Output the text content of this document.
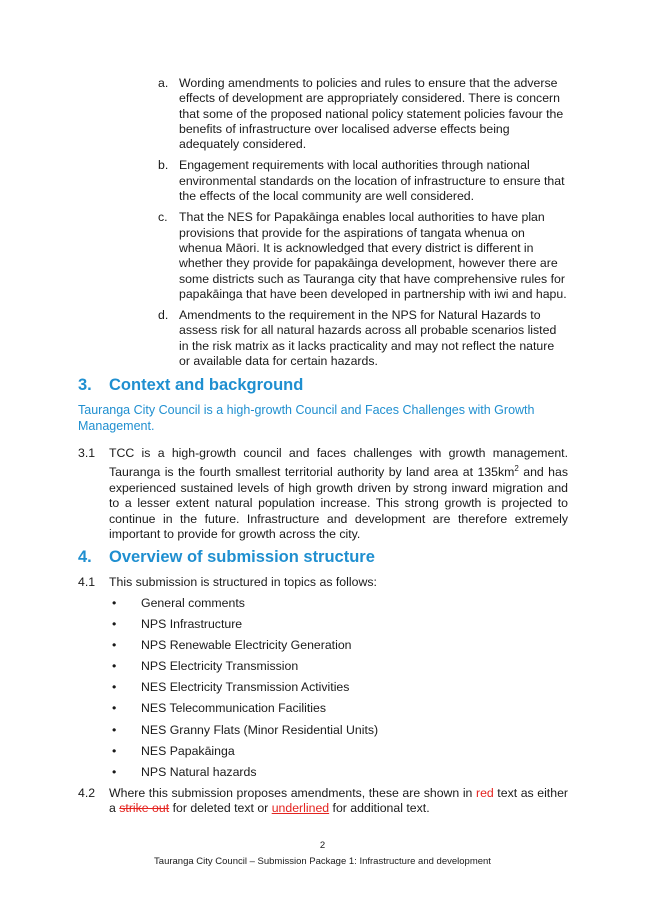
a. Wording amendments to policies and rules to ensure that the adverse effects of development are appropriately considered. There is concern that some of the proposed national policy statement policies favour the benefits of infrastructure over localised adverse effects being adequately considered.
b. Engagement requirements with local authorities through national environmental standards on the location of infrastructure to ensure that the effects of the local community are well considered.
c. That the NES for Papakāinga enables local authorities to have plan provisions that provide for the aspirations of tangata whenua on whenua Māori. It is acknowledged that every district is different in whether they provide for papakāinga development, however there are some districts such as Tauranga city that have comprehensive rules for papakāinga that have been developed in partnership with iwi and hapu.
d. Amendments to the requirement in the NPS for Natural Hazards to assess risk for all natural hazards across all probable scenarios listed in the risk matrix as it lacks practicality and may not reflect the nature or available data for certain hazards.
3. Context and background
Tauranga City Council is a high-growth Council and Faces Challenges with Growth Management.
3.1 TCC is a high-growth council and faces challenges with growth management. Tauranga is the fourth smallest territorial authority by land area at $135km^2$ and has experienced sustained levels of high growth driven by strong inward migration and to a lesser extent natural population increase. This strong growth is projected to continue in the future. Infrastructure and development are therefore extremely important to provide for growth across the city.
4. Overview of submission structure
4.1 This submission is structured in topics as follows:
• General comments
• NPS Infrastructure
• NPS Renewable Electricity Generation
• NPS Electricity Transmission
• NES Electricity Transmission Activities
• NES Telecommunication Facilities
• NES Granny Flats (Minor Residential Units)
• NES Papakāinga
• NPS Natural hazards
4.2 Where this submission proposes amendments, these are shown in red text as either a strike out for deleted text or underlined for additional text.
2
Tauranga City Council – Submission Package 1: Infrastructure and development
